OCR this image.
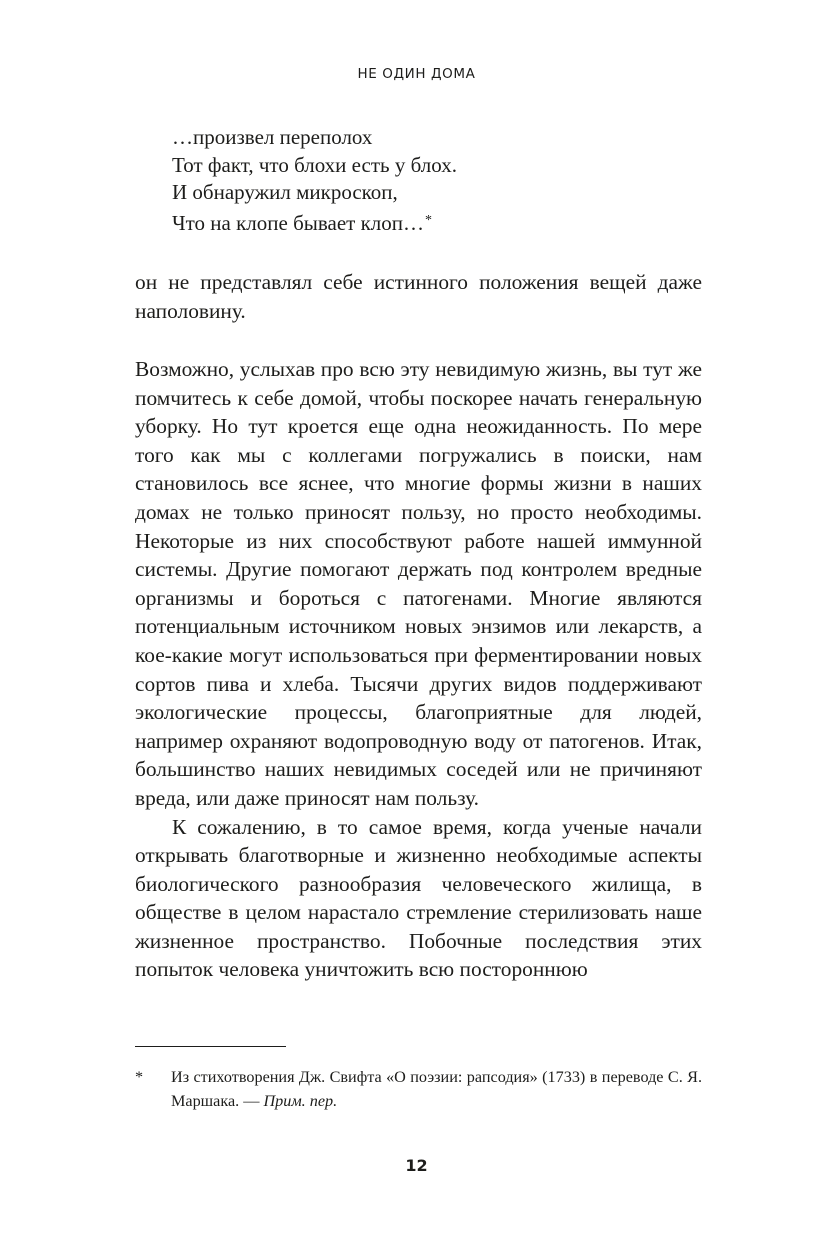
НЕ ОДИН ДОМА
…произвел переполох
Тот факт, что блохи есть у блох.
И обнаружил микроскоп,
Что на клопе бывает клоп…*

он не представлял себе истинного положения вещей даже наполовину.

Возможно, услыхав про всю эту невидимую жизнь, вы тут же помчитесь к себе домой, чтобы поскорее начать генеральную уборку. Но тут кроется еще одна неожиданность. По мере того как мы с коллегами погружались в поиски, нам становилось все яснее, что многие формы жизни в наших домах не только приносят пользу, но просто необходимы. Некоторые из них способствуют работе нашей иммунной системы. Другие помогают держать под контролем вредные организмы и бороться с патогенами. Многие являются потенциальным источником новых энзимов или лекарств, а кое-какие могут использоваться при ферментировании новых сортов пива и хлеба. Тысячи других видов поддерживают экологические процессы, благоприятные для людей, например охраняют водопроводную воду от патогенов. Итак, большинство наших невидимых соседей или не причиняют вреда, или даже приносят нам пользу.

К сожалению, в то самое время, когда ученые начали открывать благотворные и жизненно необходимые аспекты биологического разнообразия человеческого жилища, в обществе в целом нарастало стремление стерилизовать наше жизненное пространство. Побочные последствия этих попыток человека уничтожить всю постороннюю

* Из стихотворения Дж. Свифта «О поэзии: рапсодия» (1733) в переводе С. Я. Маршака. — Прим. пер.
12
